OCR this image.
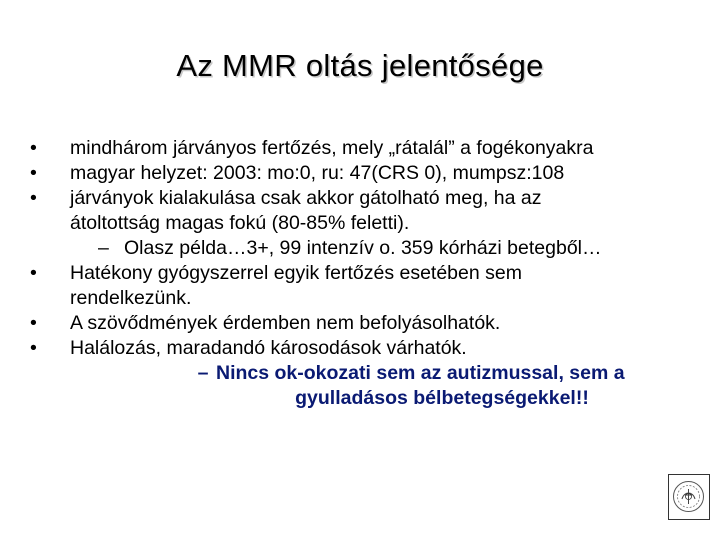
Az MMR oltás jelentősége
•	mindhárom járványos fertőzés, mely „rátalál” a fogékonyakra
•	magyar helyzet: 2003: mo:0, ru: 47(CRS 0), mumpsz:108
•	járványok kialakulása csak akkor gátolható meg, ha az
átoltottság magas fokú (80-85% feletti).
– Olasz példa…3+, 99 intenzív o. 359 kórházi betegből…
•	Hatékony gyógyszerrel egyik fertőzés esetében sem
rendelkezünk.
•	A szövődmények érdemben nem befolyásolhatók.
•	Halálozás, maradandó károsodások várhatók.
– Nincs ok-okozati sem az autizmussal, sem a
gyulladásos bélbetegségekkel!!
